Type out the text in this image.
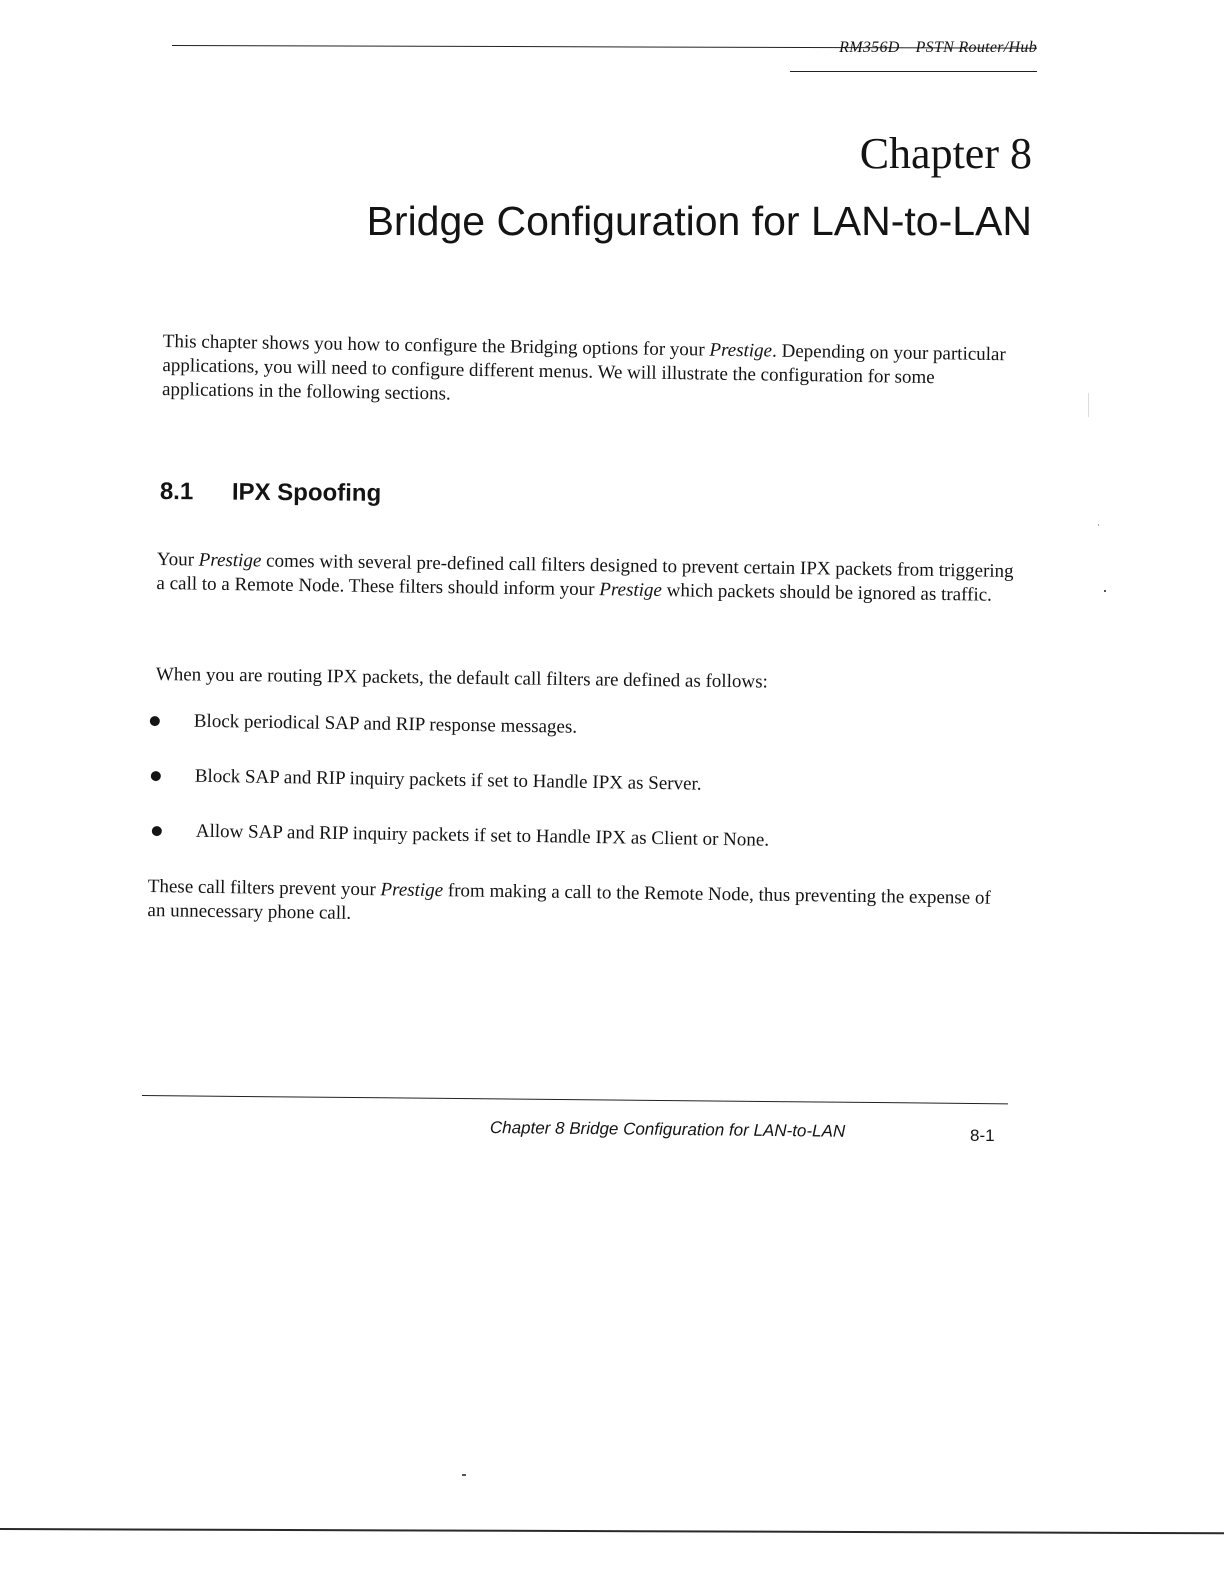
RM356D PSTN Router/Hub
Chapter 8
Bridge Configuration for LAN-to-LAN

This chapter shows you how to configure the Bridging options for your Prestige. Depending on your particular applications, you will need to configure different menus. We will illustrate the configuration for some applications in the following sections.

8.1 IPX Spoofing

Your Prestige comes with several pre-defined call filters designed to prevent certain IPX packets from triggering a call to a Remote Node. These filters should inform your Prestige which packets should be ignored as traffic.

When you are routing IPX packets, the default call filters are defined as follows:

Block periodical SAP and RIP response messages.
Block SAP and RIP inquiry packets if set to Handle IPX as Server.
Allow SAP and RIP inquiry packets if set to Handle IPX as Client or None.

These call filters prevent your Prestige from making a call to the Remote Node, thus preventing the expense of an unnecessary phone call.

Chapter 8 Bridge Configuration for LAN-to-LAN	8-1
